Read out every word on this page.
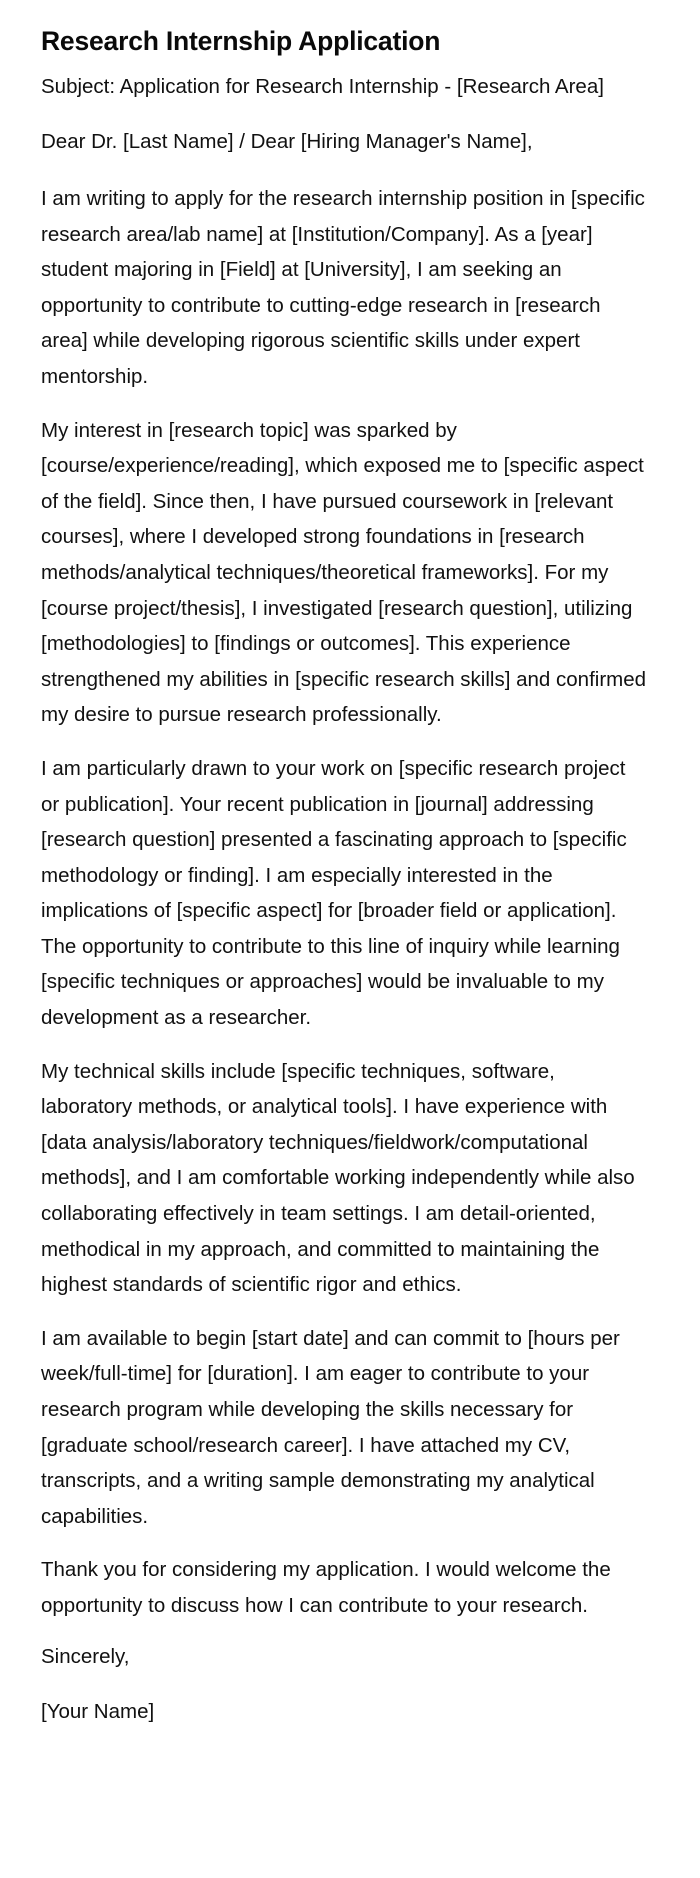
Research Internship Application

Subject: Application for Research Internship - [Research Area]

Dear Dr. [Last Name] / Dear [Hiring Manager's Name],

I am writing to apply for the research internship position in [specific research area/lab name] at [Institution/Company]. As a [year] student majoring in [Field] at [University], I am seeking an opportunity to contribute to cutting-edge research in [research area] while developing rigorous scientific skills under expert mentorship.

My interest in [research topic] was sparked by [course/experience/reading], which exposed me to [specific aspect of the field]. Since then, I have pursued coursework in [relevant courses], where I developed strong foundations in [research methods/analytical techniques/theoretical frameworks]. For my [course project/thesis], I investigated [research question], utilizing [methodologies] to [findings or outcomes]. This experience strengthened my abilities in [specific research skills] and confirmed my desire to pursue research professionally.

I am particularly drawn to your work on [specific research project or publication]. Your recent publication in [journal] addressing [research question] presented a fascinating approach to [specific methodology or finding]. I am especially interested in the implications of [specific aspect] for [broader field or application]. The opportunity to contribute to this line of inquiry while learning [specific techniques or approaches] would be invaluable to my development as a researcher.

My technical skills include [specific techniques, software, laboratory methods, or analytical tools]. I have experience with [data analysis/laboratory techniques/fieldwork/computational methods], and I am comfortable working independently while also collaborating effectively in team settings. I am detail-oriented, methodical in my approach, and committed to maintaining the highest standards of scientific rigor and ethics.

I am available to begin [start date] and can commit to [hours per week/full-time] for [duration]. I am eager to contribute to your research program while developing the skills necessary for [graduate school/research career]. I have attached my CV, transcripts, and a writing sample demonstrating my analytical capabilities.

Thank you for considering my application. I would welcome the opportunity to discuss how I can contribute to your research.

Sincerely,

[Your Name]
